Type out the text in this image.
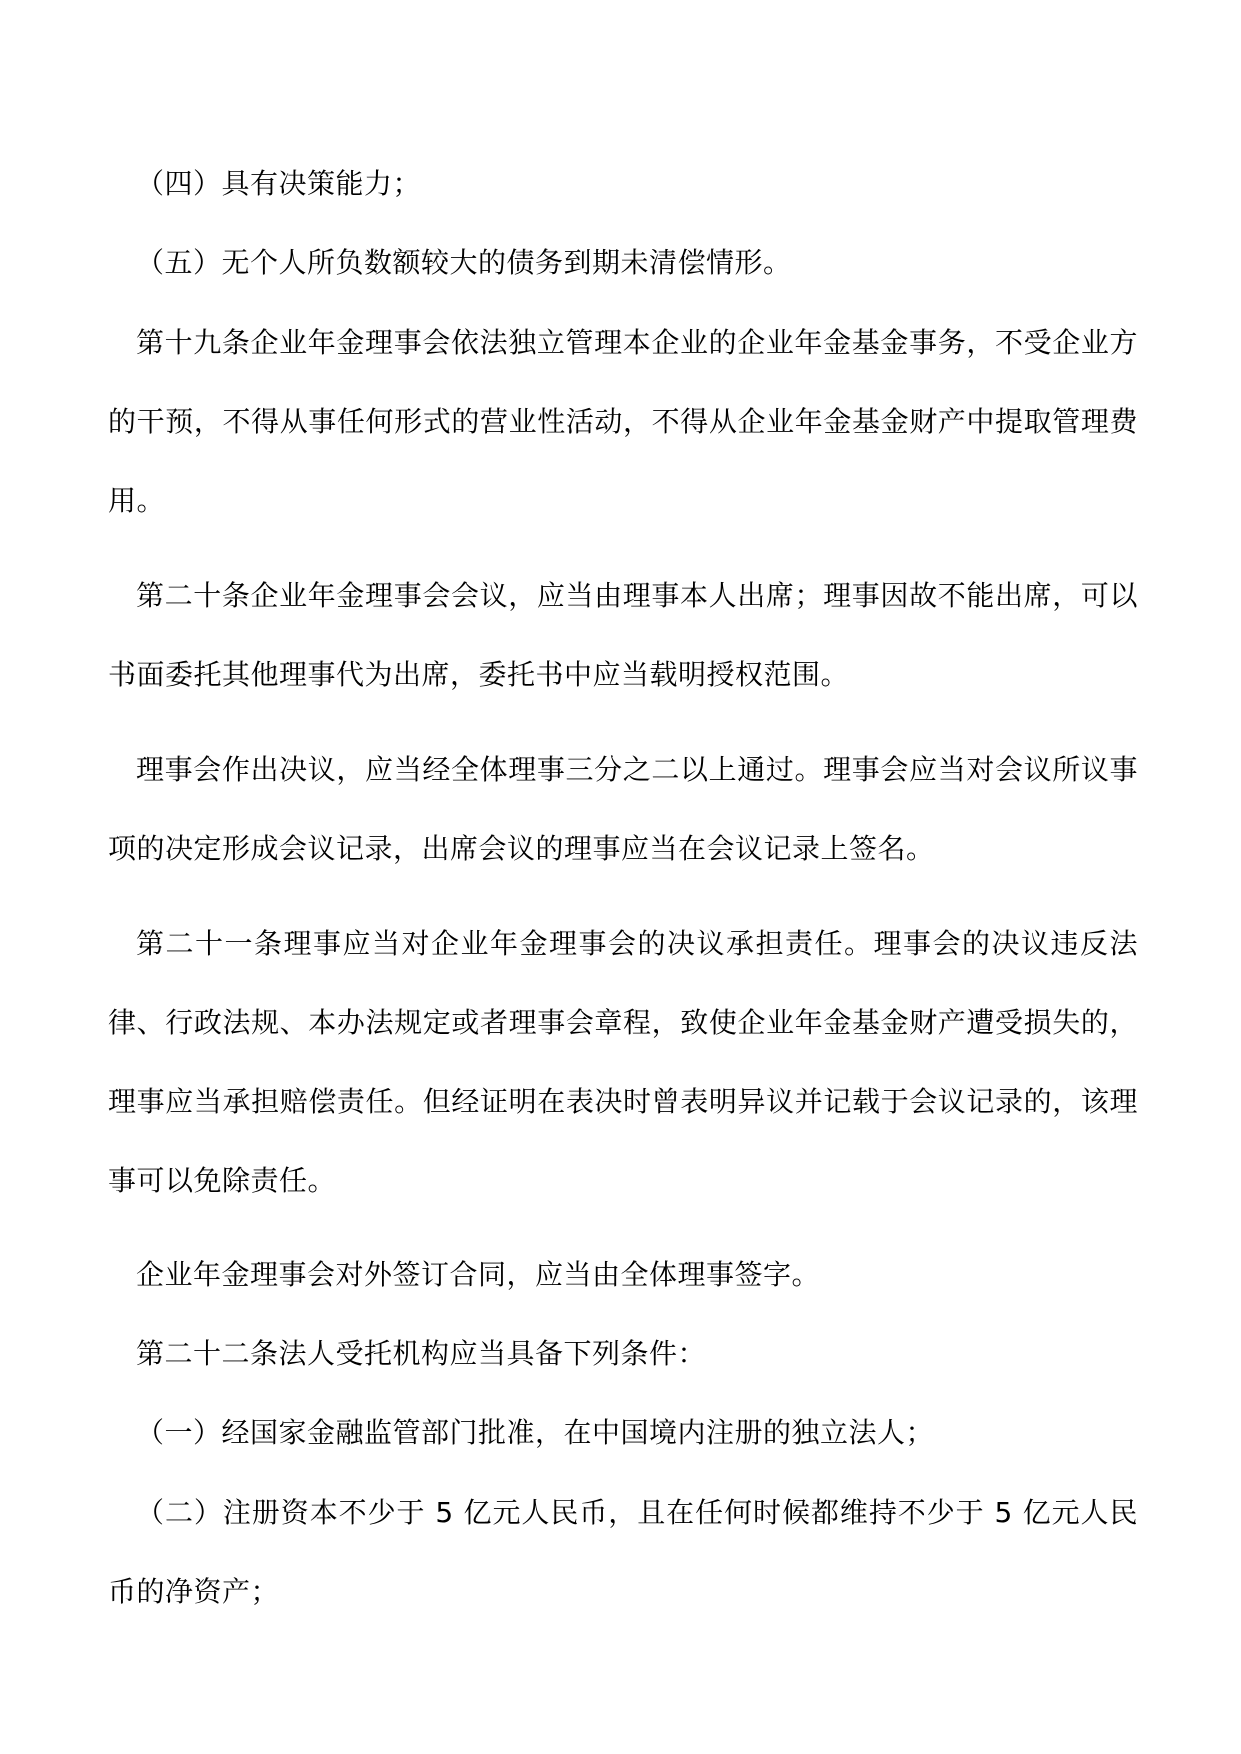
（四）具有决策能力；

（五）无个人所负数额较大的债务到期未清偿情形。

第十九条企业年金理事会依法独立管理本企业的企业年金基金事务，不受企业方的干预，不得从事任何形式的营业性活动，不得从企业年金基金财产中提取管理费用。

第二十条企业年金理事会会议，应当由理事本人出席；理事因故不能出席，可以书面委托其他理事代为出席，委托书中应当载明授权范围。

理事会作出决议，应当经全体理事三分之二以上通过。理事会应当对会议所议事项的决定形成会议记录，出席会议的理事应当在会议记录上签名。

第二十一条理事应当对企业年金理事会的决议承担责任。理事会的决议违反法律、行政法规、本办法规定或者理事会章程，致使企业年金基金财产遭受损失的，理事应当承担赔偿责任。但经证明在表决时曾表明异议并记载于会议记录的，该理事可以免除责任。

企业年金理事会对外签订合同，应当由全体理事签字。

第二十二条法人受托机构应当具备下列条件：

（一）经国家金融监管部门批准，在中国境内注册的独立法人；

（二）注册资本不少于 5 亿元人民币，且在任何时候都维持不少于 5 亿元人民币的净资产；
